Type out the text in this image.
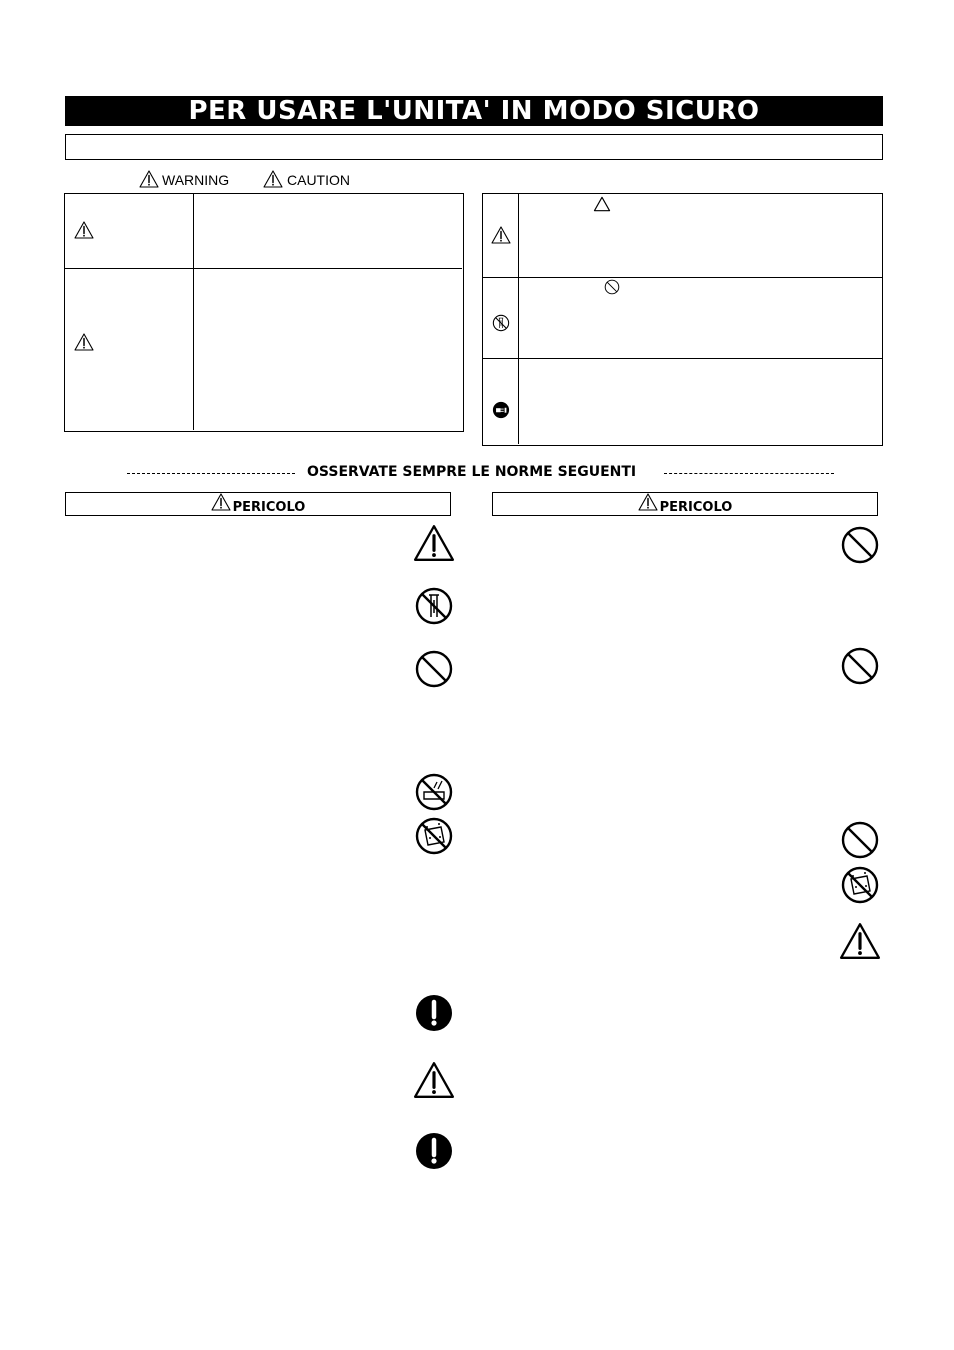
PER USARE L'UNITA' IN MODO SICURO
WARNING	CAUTION
OSSERVATE SEMPRE LE NORME SEGUENTI
PERICOLO	PERICOLO
